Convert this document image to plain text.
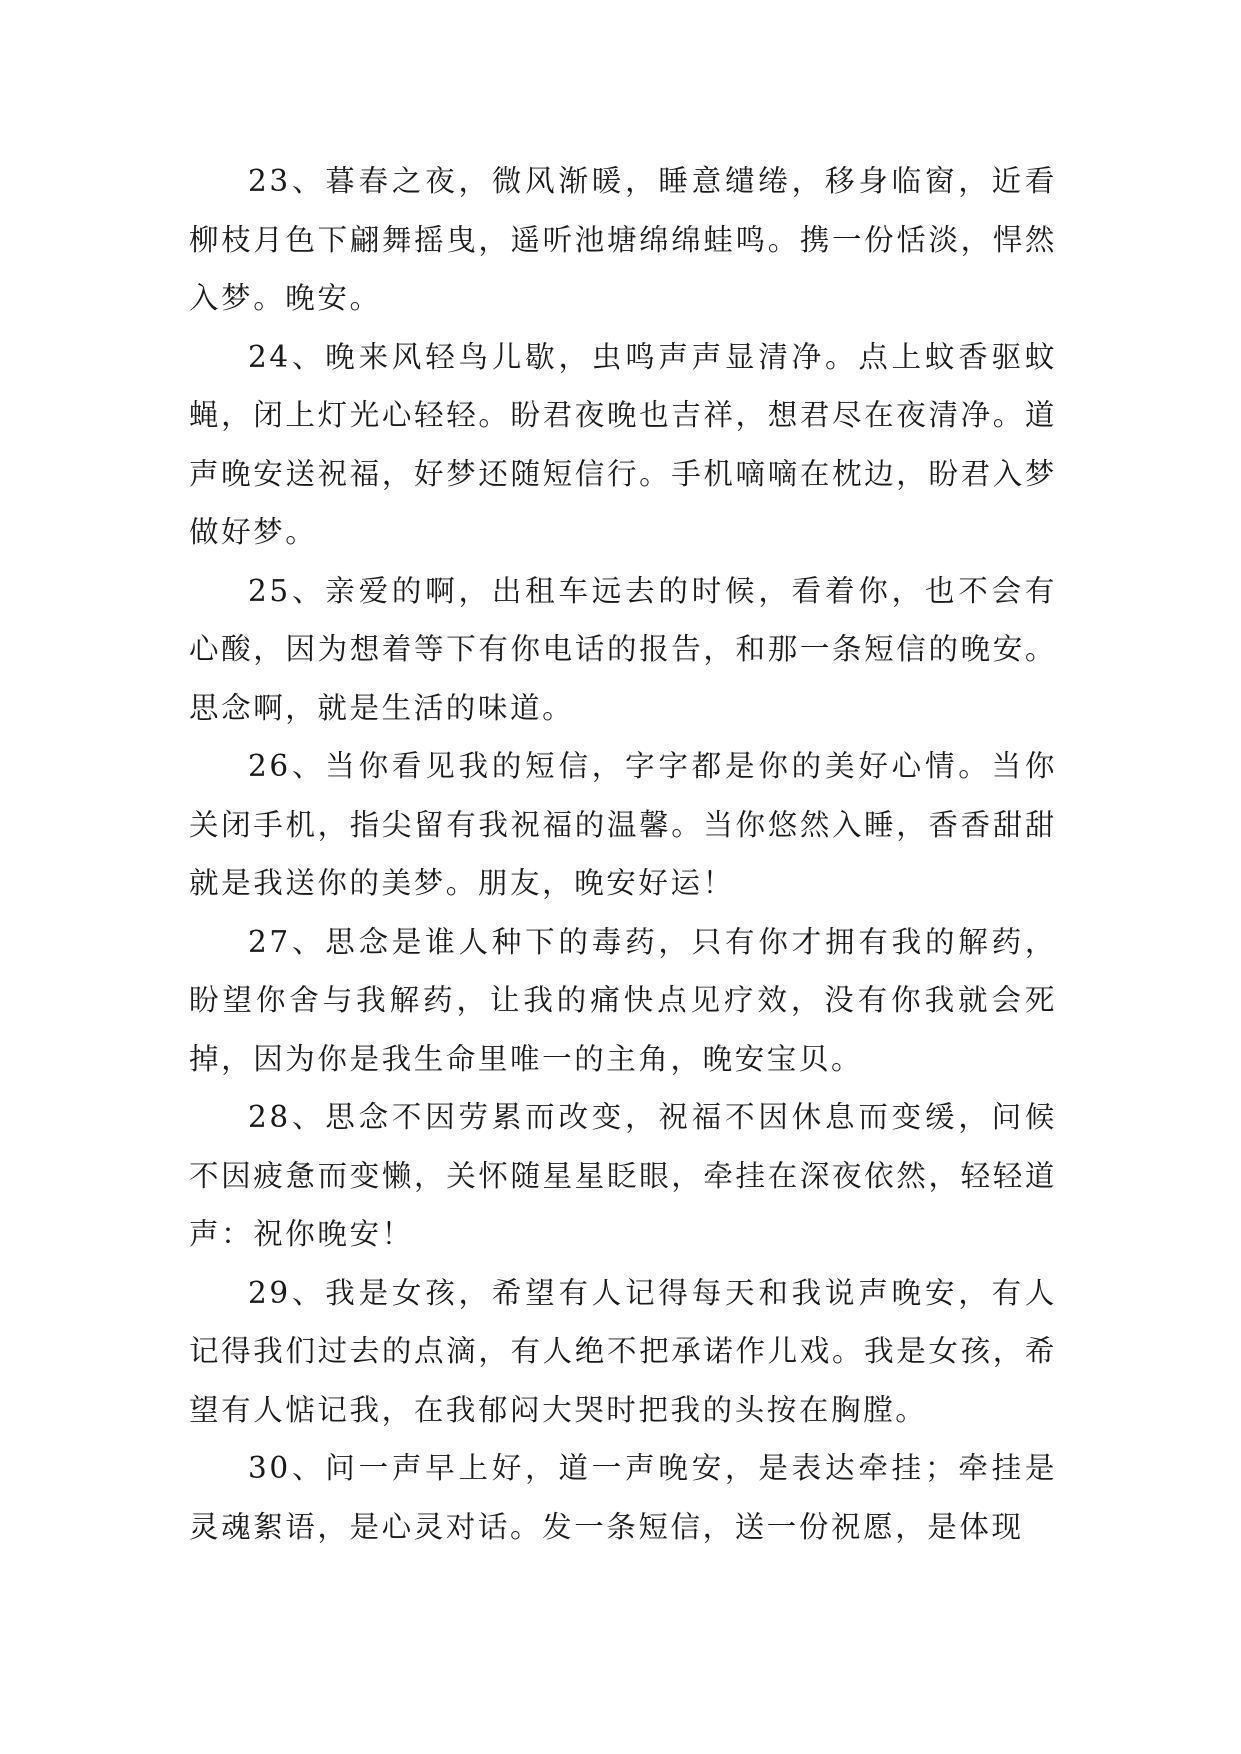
23、暮春之夜，微风渐暖，睡意缱绻，移身临窗，近看柳枝月色下翩舞摇曳，遥听池塘绵绵蛙鸣。携一份恬淡，悍然入梦。晚安。

24、晚来风轻鸟儿歇，虫鸣声声显清净。点上蚊香驱蚊蝇，闭上灯光心轻轻。盼君夜晚也吉祥，想君尽在夜清净。道声晚安送祝福，好梦还随短信行。手机嘀嘀在枕边，盼君入梦做好梦。

25、亲爱的啊，出租车远去的时候，看着你，也不会有心酸，因为想着等下有你电话的报告，和那一条短信的晚安。思念啊，就是生活的味道。

26、当你看见我的短信，字字都是你的美好心情。当你关闭手机，指尖留有我祝福的温馨。当你悠然入睡，香香甜甜就是我送你的美梦。朋友，晚安好运！

27、思念是谁人种下的毒药，只有你才拥有我的解药，盼望你舍与我解药，让我的痛快点见疗效，没有你我就会死掉，因为你是我生命里唯一的主角，晚安宝贝。

28、思念不因劳累而改变，祝福不因休息而变缓，问候不因疲惫而变懒，关怀随星星眨眼，牵挂在深夜依然，轻轻道声：祝你晚安！

29、我是女孩，希望有人记得每天和我说声晚安，有人记得我们过去的点滴，有人绝不把承诺作儿戏。我是女孩，希望有人惦记我，在我郁闷大哭时把我的头按在胸膛。

30、问一声早上好，道一声晚安，是表达牵挂；牵挂是灵魂絮语，是心灵对话。发一条短信，送一份祝愿，是体现
